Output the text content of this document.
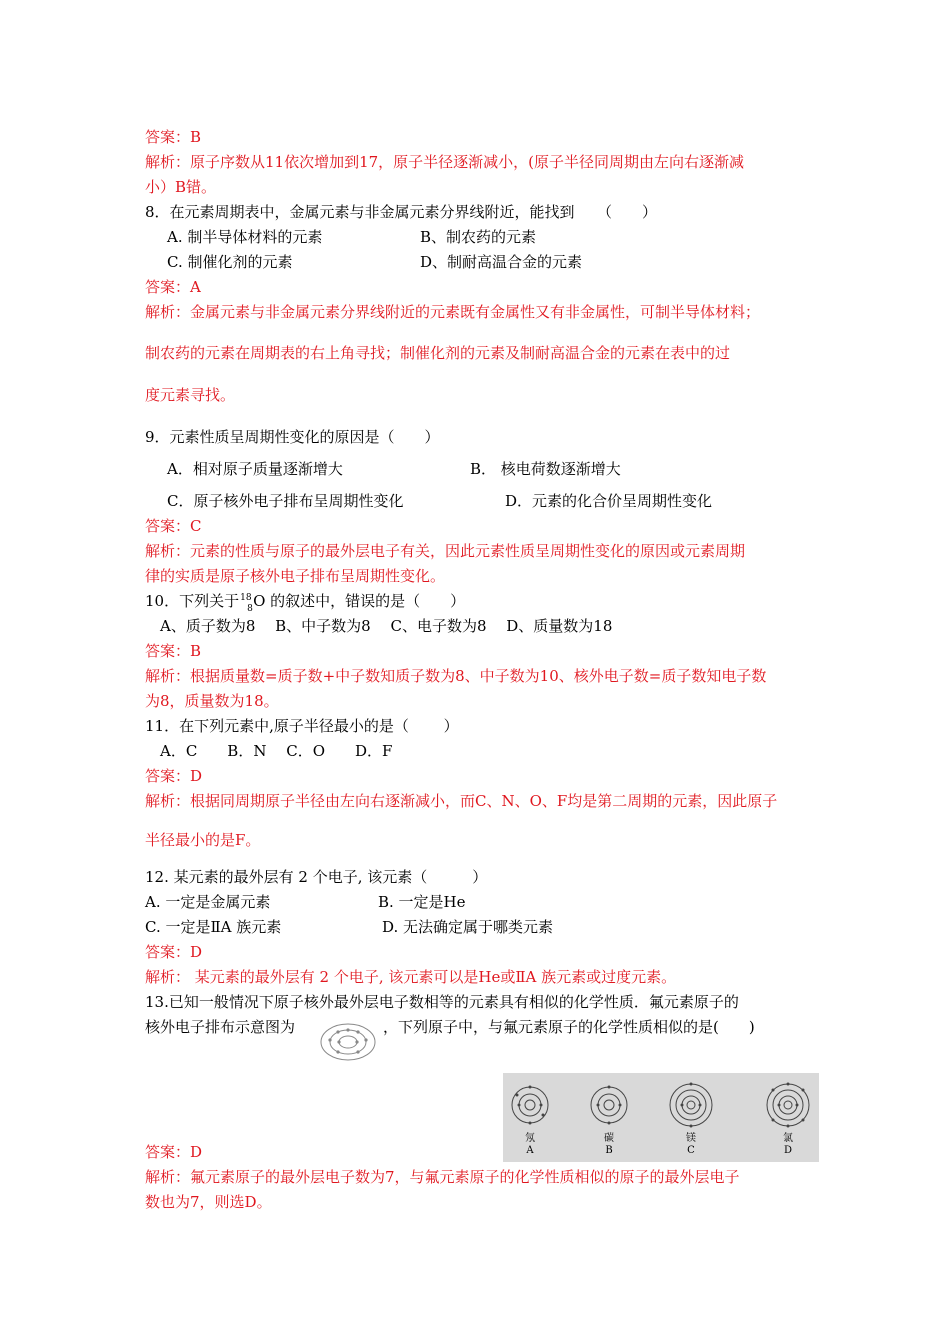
答案：B
解析：原子序数从11依次增加到17，原子半径逐渐减小，(原子半径同周期由左向右逐渐减
小）B错。
8．在元素周期表中，金属元素与非金属元素分界线附近，能找到　　（　　）
A. 制半导体材料的元素	B、制农药的元素
C. 制催化剂的元素	D、制耐高温合金的元素
答案：A
解析：金属元素与非金属元素分界线附近的元素既有金属性又有非金属性，可制半导体材料；
制农药的元素在周期表的右上角寻找；制催化剂的元素及制耐高温合金的元素在表中的过
度元素寻找。
9．元素性质呈周期性变化的原因是（　　）
A．相对原子质量逐渐增大	B． 核电荷数逐渐增大
C．原子核外电子排布呈周期性变化	D．元素的化合价呈周期性变化
答案：C
解析：元素的性质与原子的最外层电子有关，因此元素性质呈周期性变化的原因或元素周期
律的实质是原子核外电子排布呈周期性变化。
10．下列关于 18
8 O 的叙述中，错误的是（　　）
A、质子数为8　 B、中子数为8　 C、电子数为8　 D、质量数为18
答案：B
解析：根据质量数=质子数+中子数知质子数为8、中子数为10、核外电子数=质子数知电子数
为8，质量数为18。
11．在下列元素中,原子半径最小的是（　　 ）
A．C　　B．N　 C．O　　D．F
答案：D
解析：根据同周期原子半径由左向右逐渐减小，而C、N、O、F均是第二周期的元素，因此原子
半径最小的是F。
12. 某元素的最外层有 2 个电子, 该元素（　　　）
A. 一定是金属元素	B. 一定是He
C. 一定是ⅡA 族元素	D. 无法确定属于哪类元素
答案：D
解析： 某元素的最外层有 2 个电子, 该元素可以是He或ⅡA 族元素或过度元素。
13.已知一般情况下原子核外最外层电子数相等的元素具有相似的化学性质．氟元素原子的
核外电子排布示意图为	，下列原子中，与氟元素原子的化学性质相似的是(　　)
氖
A
碳
B
镁
C
氯
D
答案：D
解析：氟元素原子的最外层电子数为7，与氟元素原子的化学性质相似的原子的最外层电子
数也为7，则选D。
